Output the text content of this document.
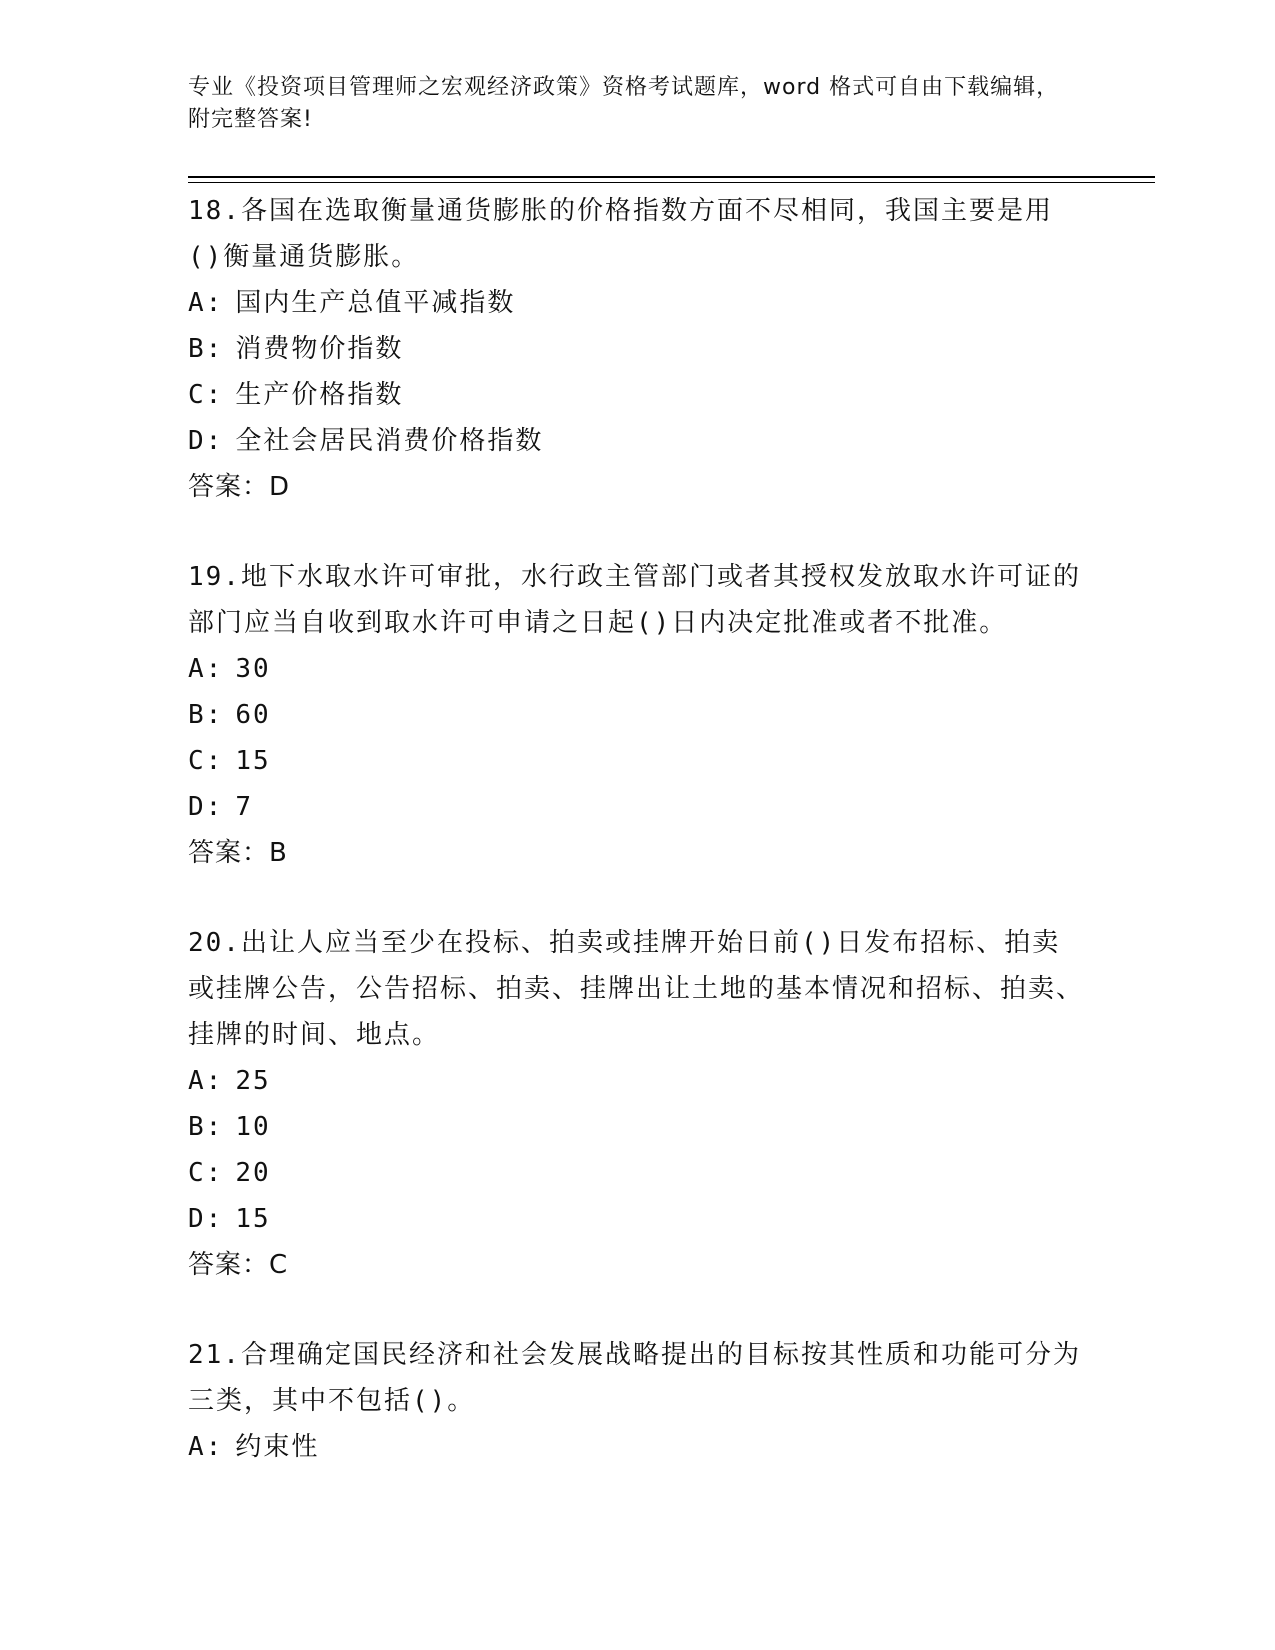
专业《投资项目管理师之宏观经济政策》资格考试题库，word 格式可自由下载编辑，附完整答案!

18.各国在选取衡量通货膨胀的价格指数方面不尽相同，我国主要是用()衡量通货膨胀。

A: 国内生产总值平减指数

B: 消费物价指数

C: 生产价格指数

D: 全社会居民消费价格指数

答案：D

19.地下水取水许可审批，水行政主管部门或者其授权发放取水许可证的部门应当自收到取水许可申请之日起()日内决定批准或者不批准。

A: 30

B: 60

C: 15

D: 7

答案：B

20.出让人应当至少在投标、拍卖或挂牌开始日前()日发布招标、拍卖或挂牌公告，公告招标、拍卖、挂牌出让土地的基本情况和招标、拍卖、挂牌的时间、地点。

A: 25

B: 10

C: 20

D: 15

答案：C

21.合理确定国民经济和社会发展战略提出的目标按其性质和功能可分为三类，其中不包括()。

A: 约束性
